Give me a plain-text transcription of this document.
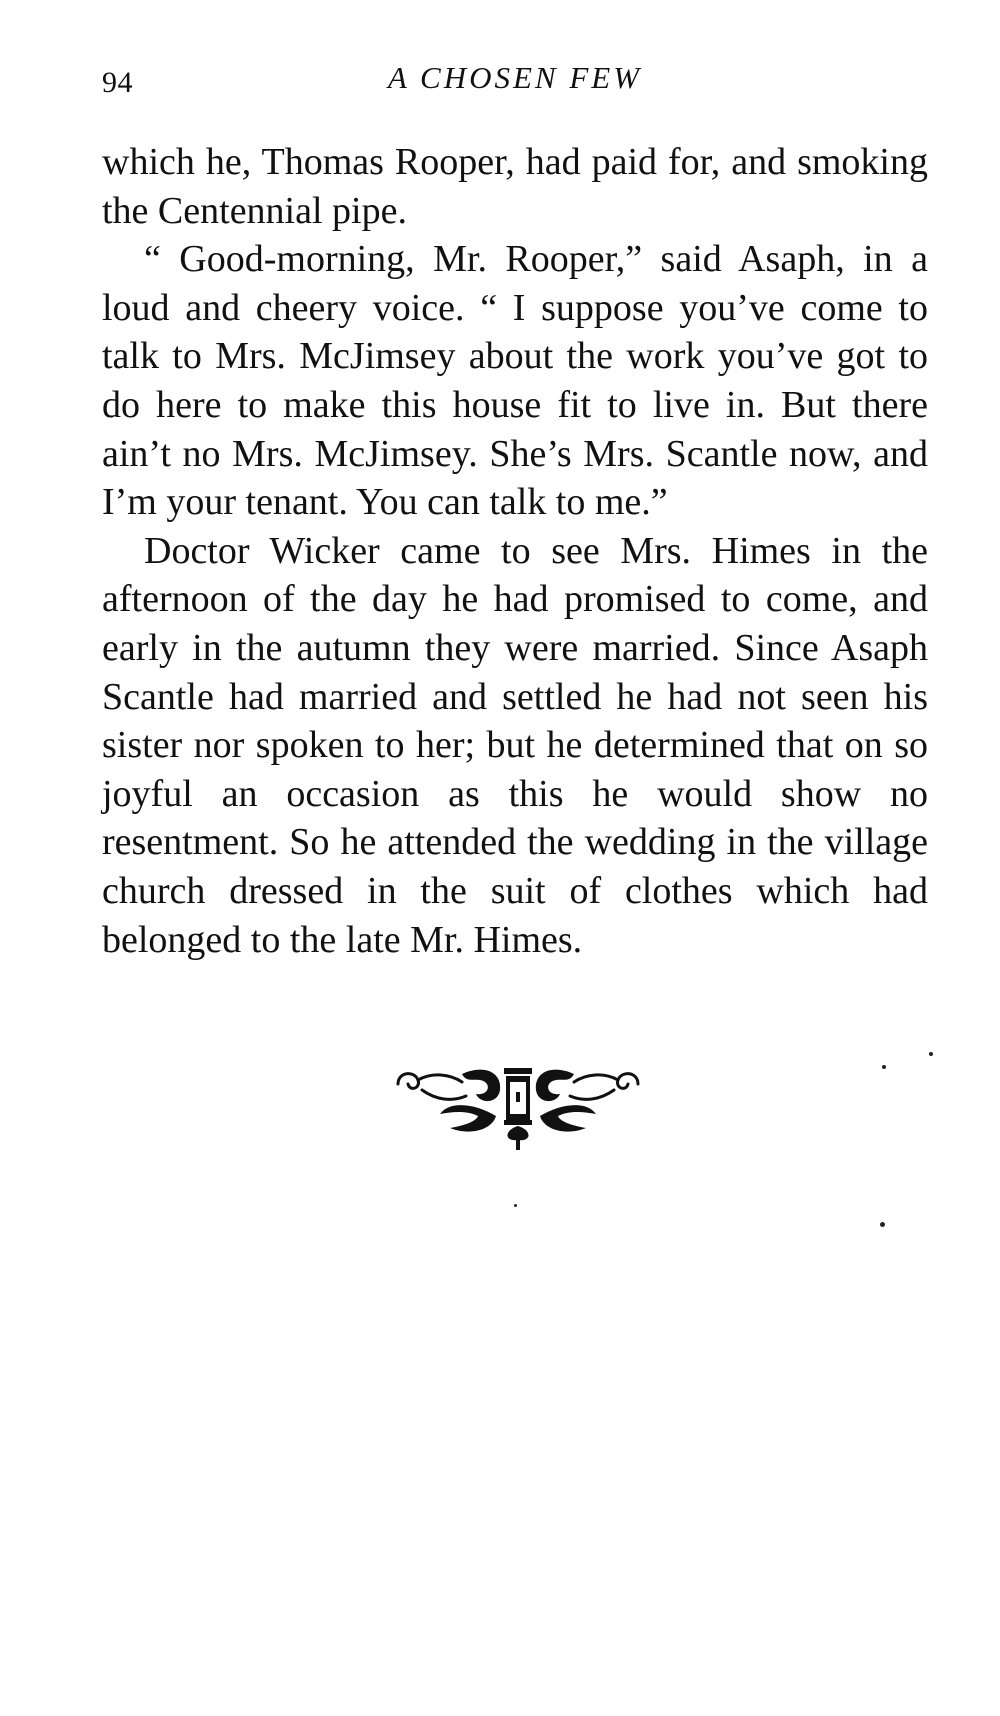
94	A CHOSEN FEW

which he, Thomas Rooper, had paid for, and smoking the Centennial pipe.

“ Good-morning, Mr. Rooper,” said Asaph, in a loud and cheery voice. “ I suppose you’ve come to talk to Mrs. McJimsey about the work you’ve got to do here to make this house fit to live in. But there ain’t no Mrs. McJimsey. She’s Mrs. Scantle now, and I’m your tenant. You can talk to me.”

Doctor Wicker came to see Mrs. Himes in the afternoon of the day he had promised to come, and early in the autumn they were married. Since Asaph Scantle had married and settled he had not seen his sister nor spoken to her; but he determined that on so joyful an occasion as this he would show no resentment. So he attended the wedding in the village church dressed in the suit of clothes which had belonged to the late Mr. Himes.
